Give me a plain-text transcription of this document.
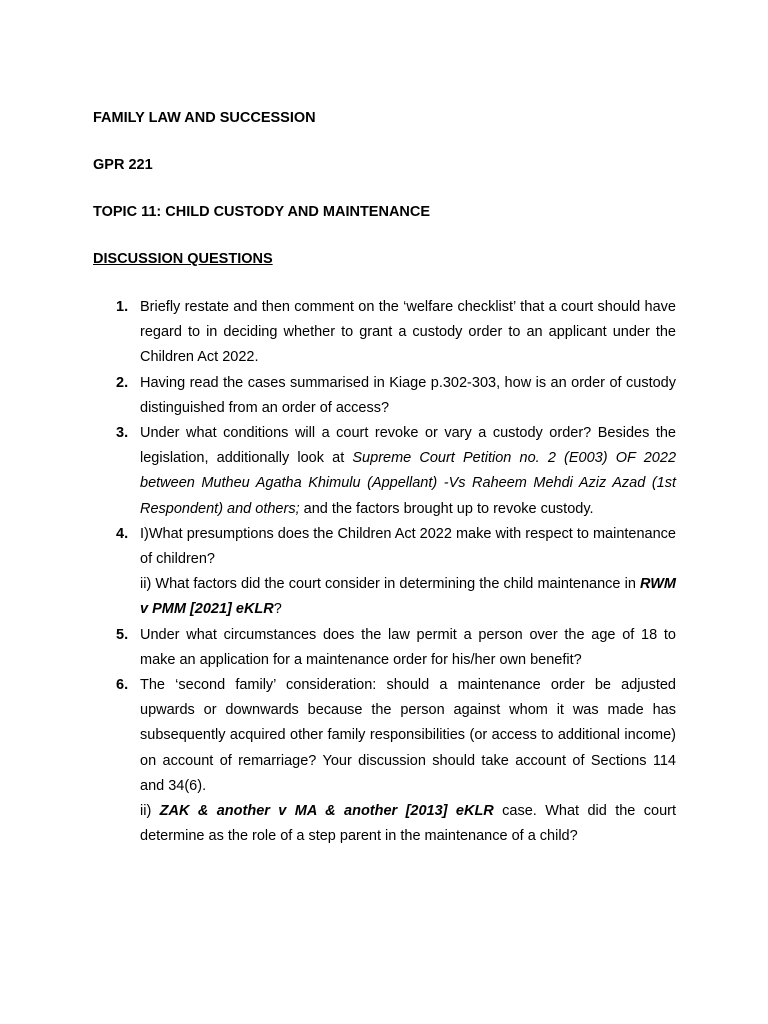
FAMILY LAW AND SUCCESSION

GPR 221

TOPIC 11: CHILD CUSTODY AND MAINTENANCE

DISCUSSION QUESTIONS

1. Briefly restate and then comment on the ‘welfare checklist’ that a court should have regard to in deciding whether to grant a custody order to an applicant under the Children Act 2022.
2. Having read the cases summarised in Kiage p.302-303, how is an order of custody distinguished from an order of access?
3. Under what conditions will a court revoke or vary a custody order? Besides the legislation, additionally look at Supreme Court Petition no. 2 (E003) OF 2022 between Mutheu Agatha Khimulu (Appellant) -Vs Raheem Mehdi Aziz Azad (1st Respondent) and others; and the factors brought up to revoke custody.
4. I)What presumptions does the Children Act 2022 make with respect to maintenance of children?
ii) What factors did the court consider in determining the child maintenance in RWM v PMM [2021] eKLR?
5. Under what circumstances does the law permit a person over the age of 18 to make an application for a maintenance order for his/her own benefit?
6. The ‘second family’ consideration: should a maintenance order be adjusted upwards or downwards because the person against whom it was made has subsequently acquired other family responsibilities (or access to additional income) on account of remarriage? Your discussion should take account of Sections 114 and 34(6).
ii) ZAK & another v MA & another [2013] eKLR case. What did the court determine as the role of a step parent in the maintenance of a child?
